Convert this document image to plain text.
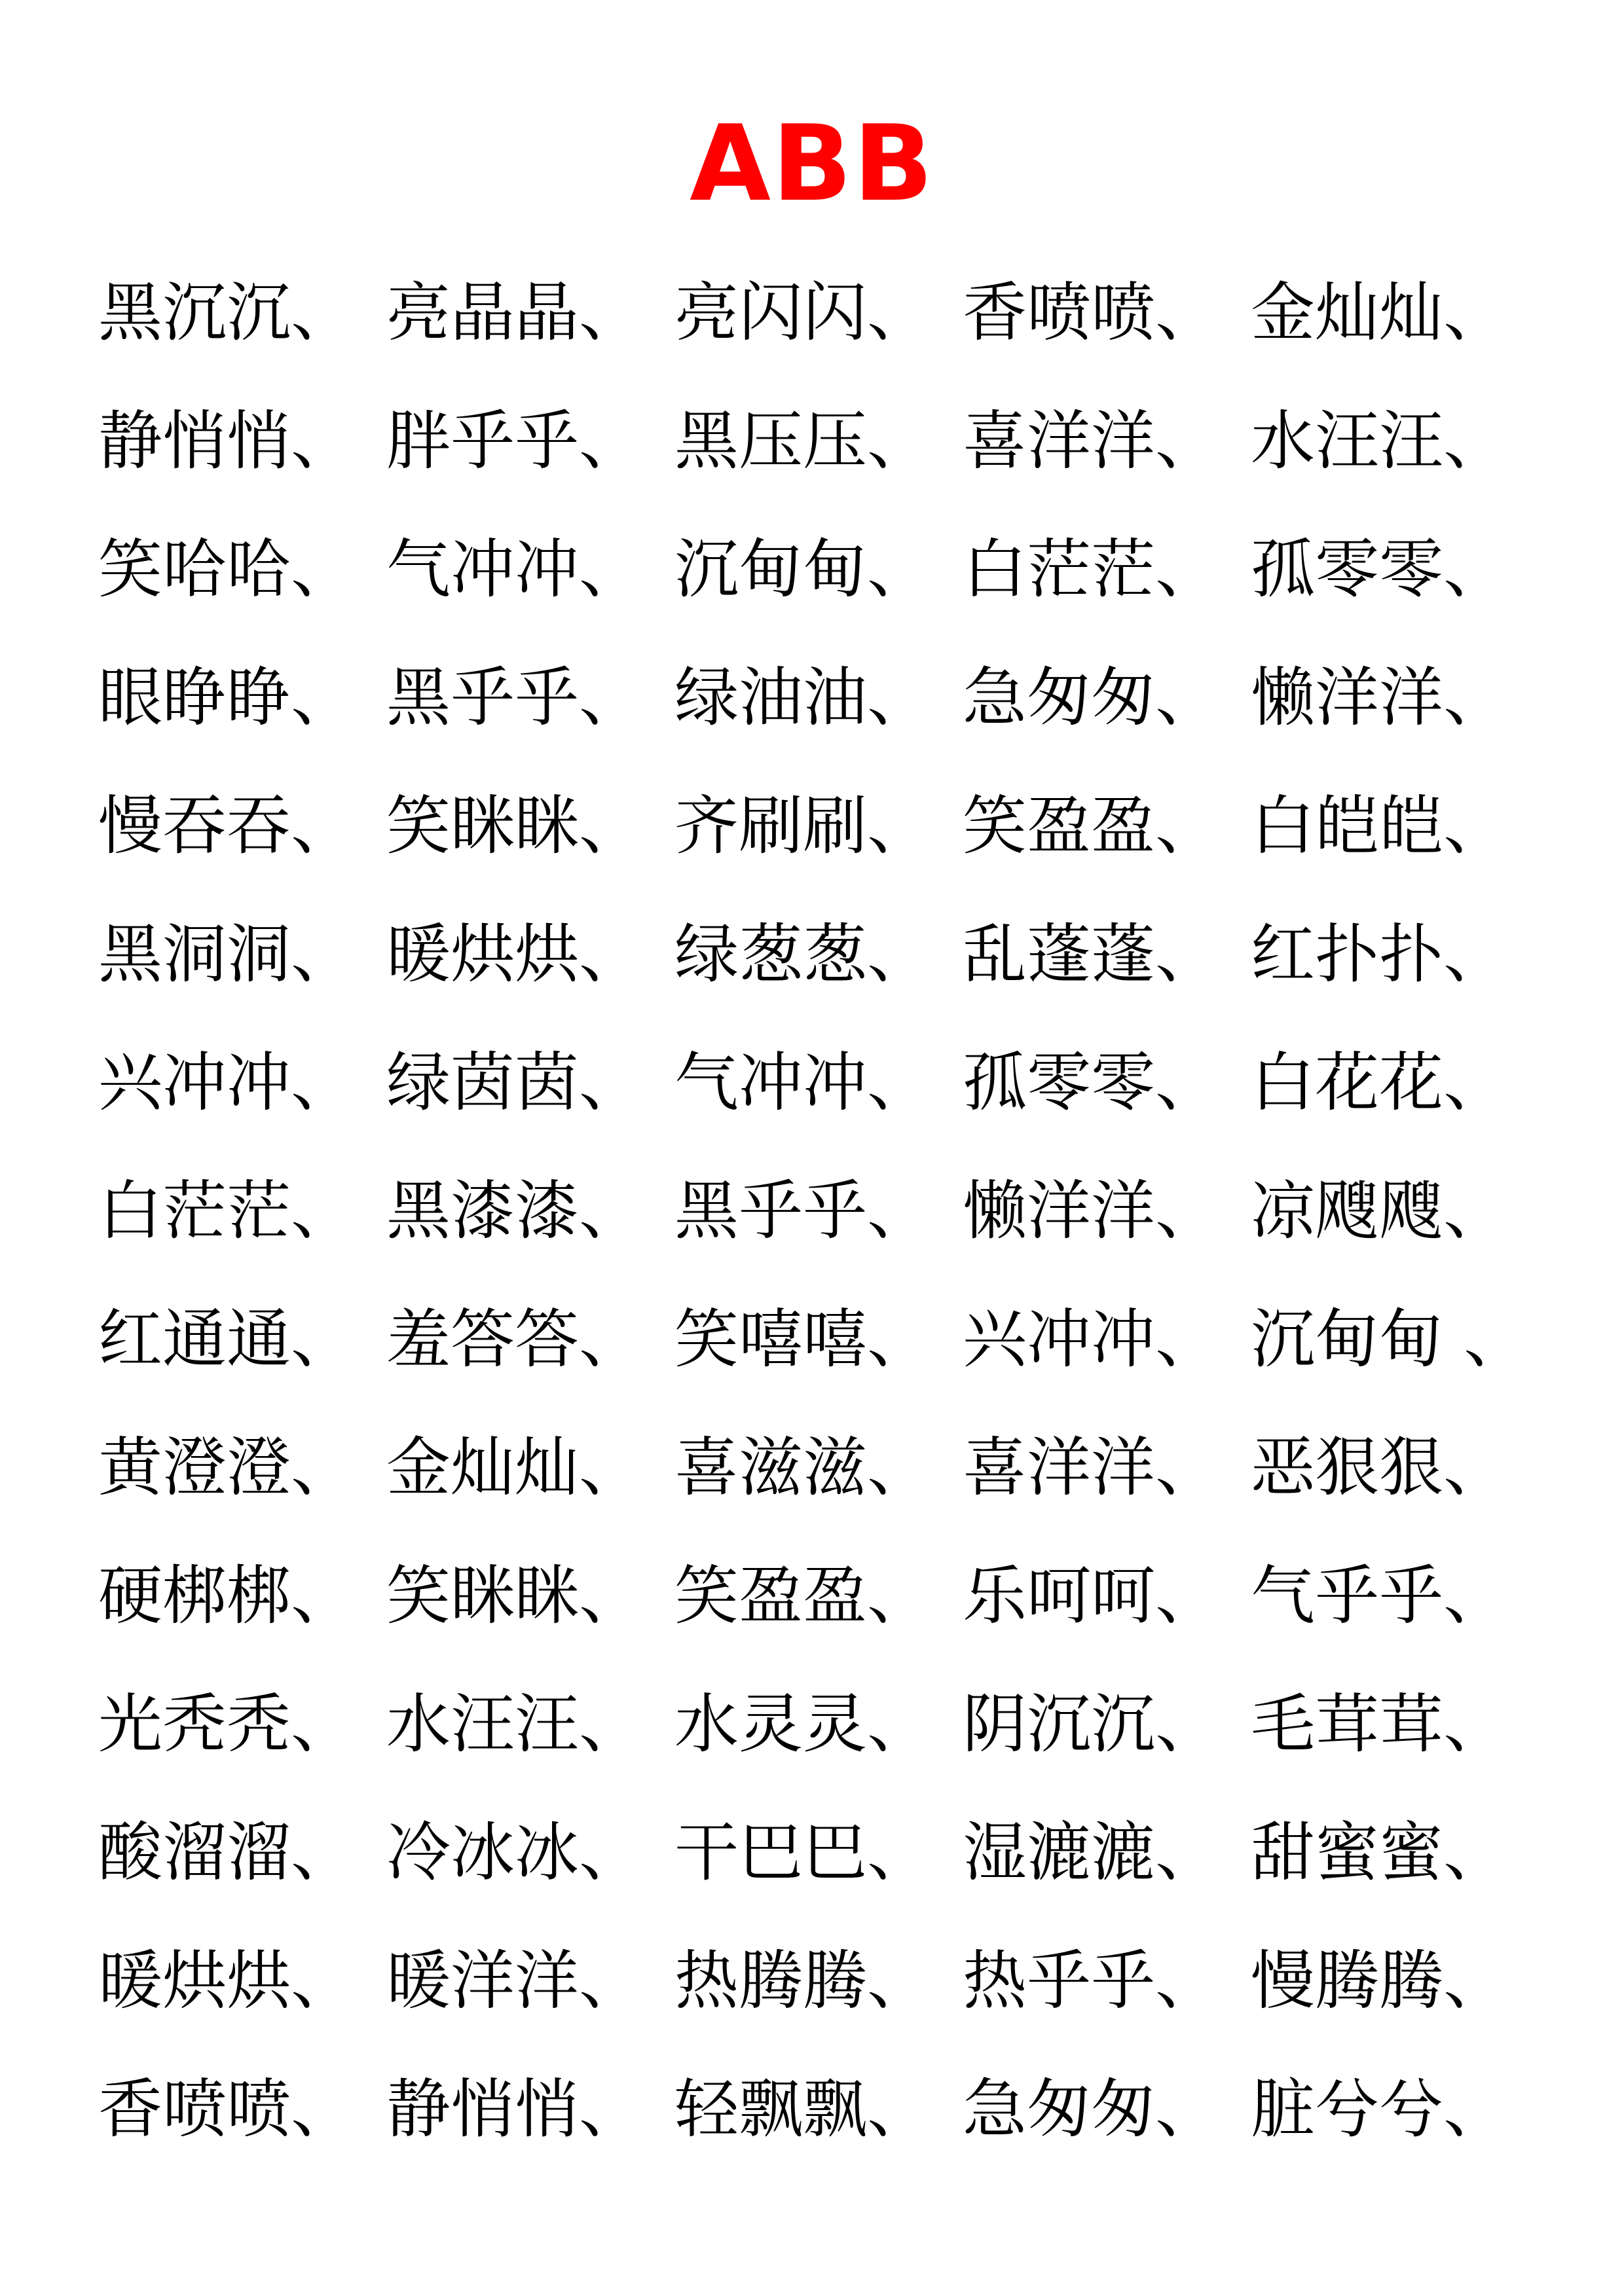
ABB
黑沉沉、 亮晶晶、 亮闪闪、 香喷喷、 金灿灿、
静悄悄、 胖乎乎、 黑压压、 喜洋洋、 水汪汪、
笑哈哈、 气冲冲、 沉甸甸、 白茫茫、 孤零零、
眼睁睁、 黑乎乎、 绿油油、 急匆匆、 懒洋洋、
慢吞吞、 笑眯眯、 齐刷刷、 笑盈盈、 白皑皑、
黑洞洞、 暖烘烘、 绿葱葱、 乱蓬蓬、 红扑扑、
兴冲冲、 绿茵茵、 气冲冲、 孤零零、 白花花、
白茫茫、 黑漆漆、 黑乎乎、 懒洋洋、 凉飕飕、
红通通、 羞答答、 笑嘻嘻、 兴冲冲、 沉甸甸 、
黄澄澄、 金灿灿、 喜滋滋、 喜洋洋、 恶狠狠、
硬梆梆、 笑眯眯、 笑盈盈、 乐呵呵、 气乎乎、
光秃秃、 水汪汪、 水灵灵、 阴沉沉、 毛茸茸、
酸溜溜、 冷冰冰、 干巴巴、 湿漉漉、 甜蜜蜜、
暖烘烘、 暖洋洋、 热腾腾、 热乎乎、 慢腾腾、
香喷喷、 静悄悄、 轻飘飘、 急匆匆、 脏兮兮、
